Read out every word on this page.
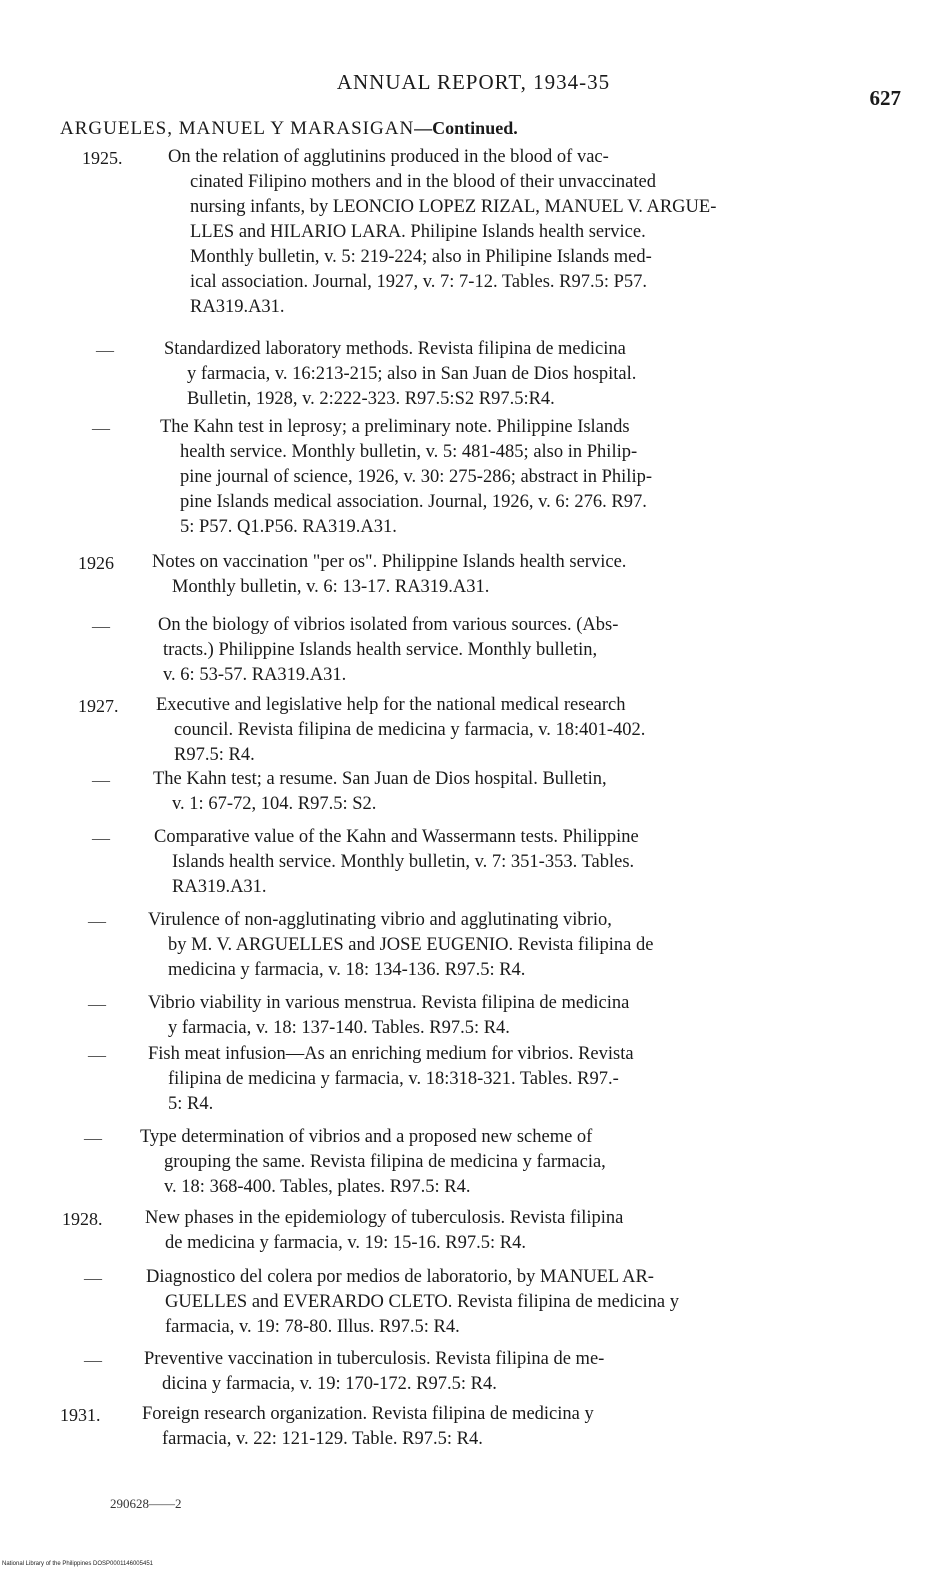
ANNUAL REPORT, 1934-35
627
ARGUELES, MANUEL Y MARASIGAN—Continued.
1925. On the relation of agglutinins produced in the blood of vac-
cinated Filipino mothers and in the blood of their unvaccinated
nursing infants, by LEONCIO LOPEZ RIZAL, MANUEL V. ARGUE-
LLES and HILARIO LARA. Philipine Islands health service.
Monthly bulletin, v. 5: 219-224; also in Philipine Islands med-
ical association. Journal, 1927, v. 7: 7-12. Tables. R97.5: P57.
RA319.A31.
—	Standardized laboratory methods. Revista filipina de medicina
y farmacia, v. 16:213-215; also in San Juan de Dios hospital.
Bulletin, 1928, v. 2:222-323. R97.5:S2 R97.5:R4.
—	The Kahn test in leprosy; a preliminary note. Philippine Islands
health service. Monthly bulletin, v. 5: 481-485; also in Philip-
pine journal of science, 1926, v. 30: 275-286; abstract in Philip-
pine Islands medical association. Journal, 1926, v. 6: 276. R97.
5: P57. Q1.P56. RA319.A31.
1926 Notes on vaccination "per os". Philippine Islands health service.
Monthly bulletin, v. 6: 13-17. RA319.A31.
—	On the biology of vibrios isolated from various sources. (Abs-
tracts.) Philippine Islands health service. Monthly bulletin,
v. 6: 53-57. RA319.A31.
1927. Executive and legislative help for the national medical research
council. Revista filipina de medicina y farmacia, v. 18:401-402.
R97.5: R4.
— The Kahn test; a resume. San Juan de Dios hospital. Bulletin,
v. 1: 67-72, 104. R97.5: S2.
— Comparative value of the Kahn and Wassermann tests. Philippine
Islands health service. Monthly bulletin, v. 7: 351-353. Tables.
RA319.A31.
— Virulence of non-agglutinating vibrio and agglutinating vibrio,
by M. V. ARGUELLES and JOSE EUGENIO. Revista filipina de
medicina y farmacia, v. 18: 134-136. R97.5: R4.
— Vibrio viability in various menstrua. Revista filipina de medicina
y farmacia, v. 18: 137-140. Tables. R97.5: R4.
— Fish meat infusion—As an enriching medium for vibrios. Revista
filipina de medicina y farmacia, v. 18:318-321. Tables. R97.-
5: R4.
— Type determination of vibrios and a proposed new scheme of
grouping the same. Revista filipina de medicina y farmacia,
v. 18: 368-400. Tables, plates. R97.5: R4.
1928. New phases in the epidemiology of tuberculosis. Revista filipina
de medicina y farmacia, v. 19: 15-16. R97.5: R4.
— Diagnostico del colera por medios de laboratorio, by MANUEL AR-
GUELLES and EVERARDO CLETO. Revista filipina de medicina y
farmacia, v. 19: 78-80. Illus. R97.5: R4.
— Preventive vaccination in tuberculosis. Revista filipina de me-
dicina y farmacia, v. 19: 170-172. R97.5: R4.
1931. Foreign research organization. Revista filipina de medicina y
farmacia, v. 22: 121-129. Table. R97.5: R4.
290628——2
National Library of the Philippines DOSP0001146005451
